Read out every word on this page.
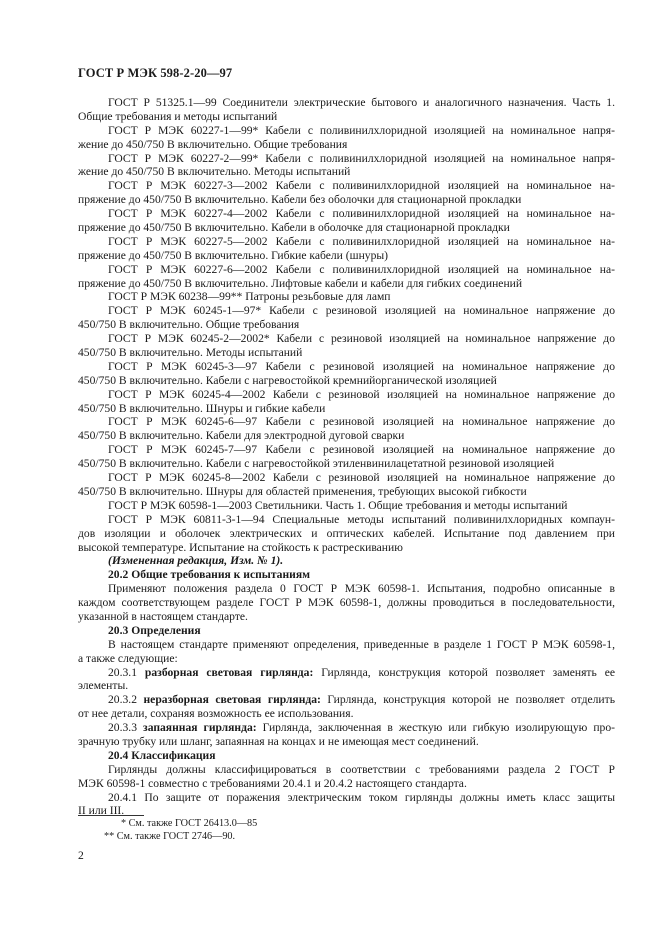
ГОСТ Р МЭК 598-2-20—97
ГОСТ Р 51325.1—99 Соединители электрические бытового и аналогичного назначения. Часть 1.
Общие требования и методы испытаний
ГОСТ Р МЭК 60227-1—99* Кабели с поливинилхлоридной изоляцией на номинальное напря-
жение до 450/750 В включительно. Общие требования
ГОСТ Р МЭК 60227-2—99* Кабели с поливинилхлоридной изоляцией на номинальное напря-
жение до 450/750 В включительно. Методы испытаний
ГОСТ Р МЭК 60227-3—2002 Кабели с поливинилхлоридной изоляцией на номинальное на-
пряжение до 450/750 В включительно. Кабели без оболочки для стационарной прокладки
ГОСТ Р МЭК 60227-4—2002 Кабели с поливинилхлоридной изоляцией на номинальное на-
пряжение до 450/750 В включительно. Кабели в оболочке для стационарной прокладки
ГОСТ Р МЭК 60227-5—2002 Кабели с поливинилхлоридной изоляцией на номинальное на-
пряжение до 450/750 В включительно. Гибкие кабели (шнуры)
ГОСТ Р МЭК 60227-6—2002 Кабели с поливинилхлоридной изоляцией на номинальное на-
пряжение до 450/750 В включительно. Лифтовые кабели и кабели для гибких соединений
ГОСТ Р МЭК 60238—99** Патроны резьбовые для ламп
ГОСТ Р МЭК 60245-1—97* Кабели с резиновой изоляцией на номинальное напряжение до
450/750 В включительно. Общие требования
ГОСТ Р МЭК 60245-2—2002* Кабели с резиновой изоляцией на номинальное напряжение до
450/750 В включительно. Методы испытаний
ГОСТ Р МЭК 60245-3—97 Кабели с резиновой изоляцией на номинальное напряжение до
450/750 В включительно. Кабели с нагревостойкой кремнийорганической изоляцией
ГОСТ Р МЭК 60245-4—2002 Кабели с резиновой изоляцией на номинальное напряжение до
450/750 В включительно. Шнуры и гибкие кабели
ГОСТ Р МЭК 60245-6—97 Кабели с резиновой изоляцией на номинальное напряжение до
450/750 В включительно. Кабели для электродной дуговой сварки
ГОСТ Р МЭК 60245-7—97 Кабели с резиновой изоляцией на номинальное напряжение до
450/750 В включительно. Кабели с нагревостойкой этиленвинилацетатной резиновой изоляцией
ГОСТ Р МЭК 60245-8—2002 Кабели с резиновой изоляцией на номинальное напряжение до
450/750 В включительно. Шнуры для областей применения, требующих высокой гибкости
ГОСТ Р МЭК 60598-1—2003 Светильники. Часть 1. Общие требования и методы испытаний
ГОСТ Р МЭК 60811-3-1—94 Специальные методы испытаний поливинилхлоридных компаун-
дов изоляции и оболочек электрических и оптических кабелей. Испытание под давлением при
высокой температуре. Испытание на стойкость к растрескиванию
(Измененная редакция, Изм. № 1).
20.2 Общие требования к испытаниям
Применяют положения раздела 0 ГОСТ Р МЭК 60598-1. Испытания, подробно описанные в
каждом соответствующем разделе ГОСТ Р МЭК 60598-1, должны проводиться в последовательности,
указанной в настоящем стандарте.
20.3 Определения
В настоящем стандарте применяют определения, приведенные в разделе 1 ГОСТ Р МЭК 60598-1,
а также следующие:
20.3.1 разборная световая гирлянда: Гирлянда, конструкция которой позволяет заменять ее
элементы.
20.3.2 неразборная световая гирлянда: Гирлянда, конструкция которой не позволяет отделить
от нее детали, сохраняя возможность ее использования.
20.3.3 запаянная гирлянда: Гирлянда, заключенная в жесткую или гибкую изолирующую про-
зрачную трубку или шланг, запаянная на концах и не имеющая мест соединений.
20.4 Классификация
Гирлянды должны классифицироваться в соответствии с требованиями раздела 2 ГОСТ Р
МЭК 60598-1 совместно с требованиями 20.4.1 и 20.4.2 настоящего стандарта.
20.4.1 По защите от поражения электрическим током гирлянды должны иметь класс защиты
II или III.
* См. также ГОСТ 26413.0—85
** См. также ГОСТ 2746—90.
2
